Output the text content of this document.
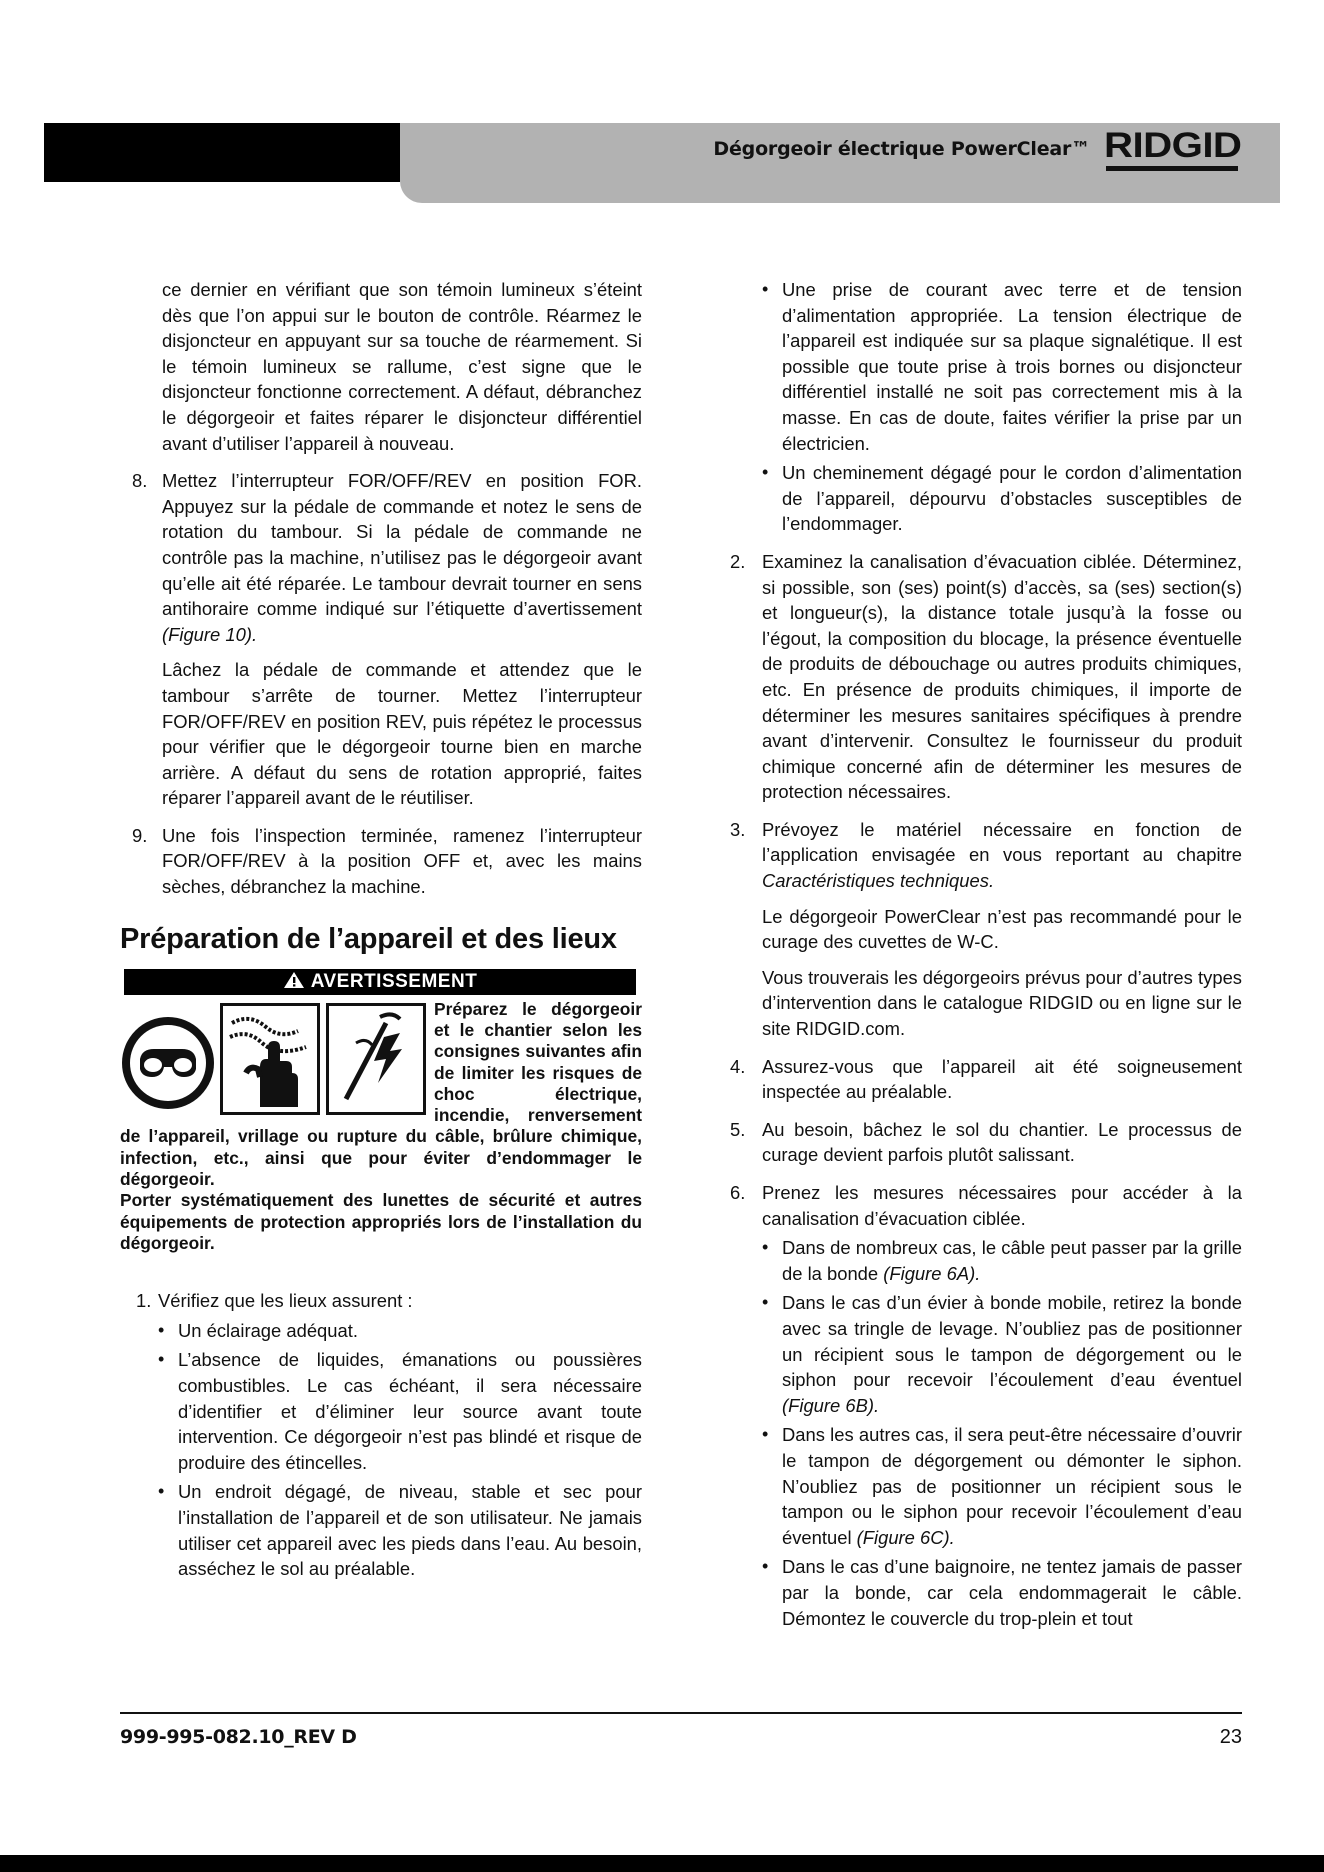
Dégorgeoir électrique PowerClear™ RIDGID

ce dernier en vérifiant que son témoin lumineux s’éteint dès que l’on appui sur le bouton de contrôle. Réarmez le disjoncteur en appuyant sur sa touche de réarmement. Si le témoin lumineux se rallume, c’est signe que le disjoncteur fonctionne correctement. A défaut, débranchez le dégorgeoir et faites réparer le disjoncteur différentiel avant d’utiliser l’appareil à nouveau.

8. Mettez l’interrupteur FOR/OFF/REV en position FOR. Appuyez sur la pédale de commande et notez le sens de rotation du tambour. Si la pédale de commande ne contrôle pas la machine, n’utilisez pas le dégorgeoir avant qu’elle ait été réparée. Le tambour devrait tourner en sens antihoraire comme indiqué sur l’étiquette d’avertissement (Figure 10).

Lâchez la pédale de commande et attendez que le tambour s’arrête de tourner. Mettez l’interrupteur FOR/OFF/REV en position REV, puis répétez le processus pour vérifier que le dégorgeoir tourne bien en marche arrière. A défaut du sens de rotation approprié, faites réparer l’appareil avant de le réutiliser.

9. Une fois l’inspection terminée, ramenez l’interrupteur FOR/OFF/REV à la position OFF et, avec les mains sèches, débranchez la machine.

Préparation de l’appareil et des lieux
AVERTISSEMENT

Préparez le dégorgeoir et le chantier selon les consignes suivantes afin de limiter les risques de choc électrique, incendie, renversement de l’appareil, vrillage ou rupture du câble, brûlure chimique, infection, etc., ainsi que pour éviter d’endommager le dégorgeoir.

Porter systématiquement des lunettes de sécurité et autres équipements de protection appropriés lors de l’installation du dégorgeoir.

1. Vérifiez que les lieux assurent :

• Un éclairage adéquat.

• L’absence de liquides, émanations ou poussières combustibles. Le cas échéant, il sera nécessaire d’identifier et d’éliminer leur source avant toute intervention. Ce dégorgeoir n’est pas blindé et risque de produire des étincelles.

• Un endroit dégagé, de niveau, stable et sec pour l’installation de l’appareil et de son utilisateur. Ne jamais utiliser cet appareil avec les pieds dans l’eau. Au besoin, asséchez le sol au préalable.

• Une prise de courant avec terre et de tension d’alimentation appropriée. La tension électrique de l’appareil est indiquée sur sa plaque signalétique. Il est possible que toute prise à trois bornes ou disjoncteur différentiel installé ne soit pas correctement mis à la masse. En cas de doute, faites vérifier la prise par un électricien.

• Un cheminement dégagé pour le cordon d’alimentation de l’appareil, dépourvu d’obstacles susceptibles de l’endommager.

2. Examinez la canalisation d’évacuation ciblée. Déterminez, si possible, son (ses) point(s) d’accès, sa (ses) section(s) et longueur(s), la distance totale jusqu’à la fosse ou l’égout, la composition du blocage, la présence éventuelle de produits de débouchage ou autres produits chimiques, etc. En présence de produits chimiques, il importe de déterminer les mesures sanitaires spécifiques à prendre avant d’intervenir. Consultez le fournisseur du produit chimique concerné afin de déterminer les mesures de protection nécessaires.

3. Prévoyez le matériel nécessaire en fonction de l’application envisagée en vous reportant au chapitre Caractéristiques techniques.

Le dégorgeoir PowerClear n’est pas recommandé pour le curage des cuvettes de W-C.

Vous trouverais les dégorgeoirs prévus pour d’autres types d’intervention dans le catalogue RIDGID ou en ligne sur le site RIDGID.com.

4. Assurez-vous que l’appareil ait été soigneusement inspectée au préalable.

5. Au besoin, bâchez le sol du chantier. Le processus de curage devient parfois plutôt salissant.

6. Prenez les mesures nécessaires pour accéder à la canalisation d’évacuation ciblée.

• Dans de nombreux cas, le câble peut passer par la grille de la bonde (Figure 6A).

• Dans le cas d’un évier à bonde mobile, retirez la bonde avec sa tringle de levage. N’oubliez pas de positionner un récipient sous le tampon de dégorgement ou le siphon pour recevoir l’écoulement d’eau éventuel (Figure 6B).

• Dans les autres cas, il sera peut-être nécessaire d’ouvrir le tampon de dégorgement ou démonter le siphon. N’oubliez pas de positionner un récipient sous le tampon ou le siphon pour recevoir l’écoulement d’eau éventuel (Figure 6C).

• Dans le cas d’une baignoire, ne tentez jamais de passer par la bonde, car cela endommagerait le câble. Démontez le couvercle du trop-plein et tout

999-995-082.10_REV D	23
